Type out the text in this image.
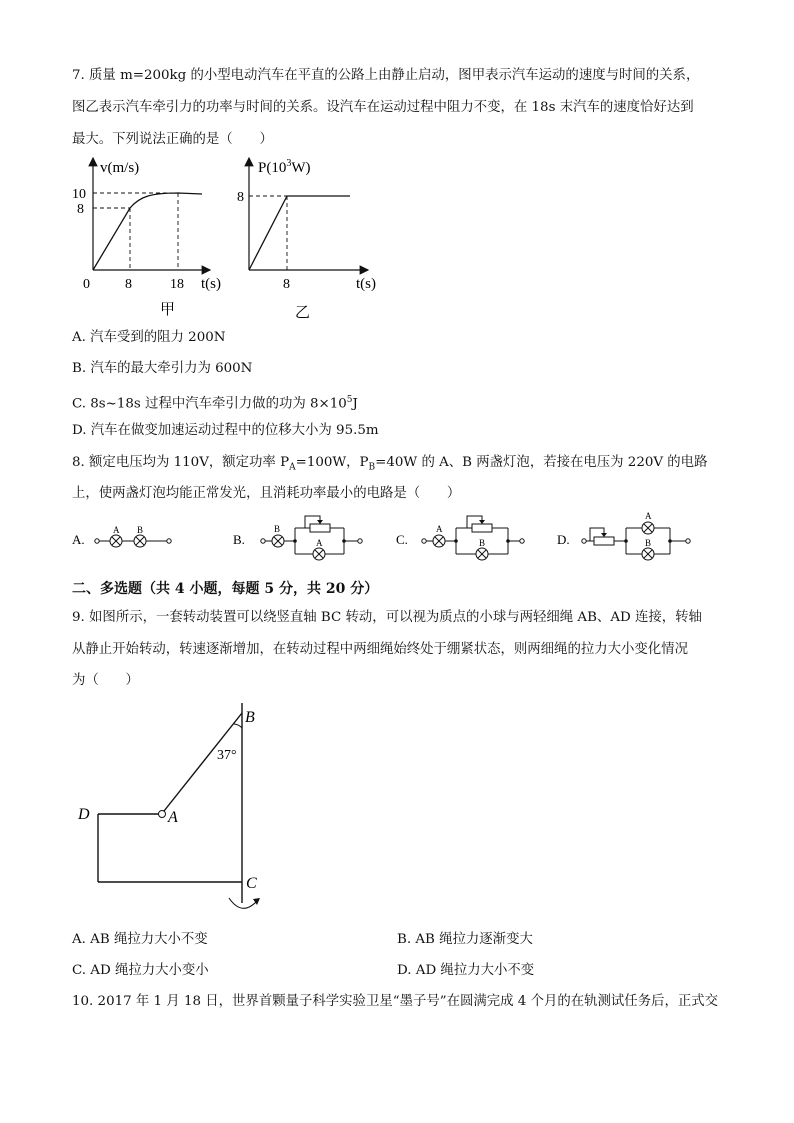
7. 质量 m=200kg 的小型电动汽车在平直的公路上由静止启动，图甲表示汽车运动的速度与时间的关系，
图乙表示汽车牵引力的功率与时间的关系。设汽车在运动过程中阻力不变，在 18s 末汽车的速度恰好达到
最大。下列说法正确的是（　　）
v(m/s)
t(s)
10
8
0	8	18
甲
$P(10^3W)$
t(s)
8
8
乙
A. 汽车受到的阻力 200N
B. 汽车的最大牵引力为 600N
C. 8s~18s 过程中汽车牵引力做的功为 $8\times 10^5J$
D. 汽车在做变加速运动过程中的位移大小为 95.5m
8. 额定电压均为 110V，额定功率 $P_A=100W$，$P_B=40W$ 的 A、B 两盏灯泡，若接在电压为 220V 的电路
上，使两盏灯泡均能正常发光，且消耗功率最小的电路是（　　）
A.
A B
B.
B
A	C.
A
B	D.
A
B
二、多选题（共 4 小题，每题 5 分，共 20 分）
9. 如图所示，一套转动装置可以绕竖直轴 BC 转动，可以视为质点的小球与两轻细绳 AB、AD 连接，转轴
从静止开始转动，转速逐渐增加，在转动过程中两细绳始终处于绷紧状态，则两细绳的拉力大小变化情况
为（　　）
B
A
C
D
37°
A. AB 绳拉力大小不变	B. AB 绳拉力逐渐变大
C. AD 绳拉力大小变小	D. AD 绳拉力大小不变
10. 2017 年 1 月 18 日，世界首颗量子科学实验卫星“墨子号”在圆满完成 4 个月的在轨测试任务后，正式交
